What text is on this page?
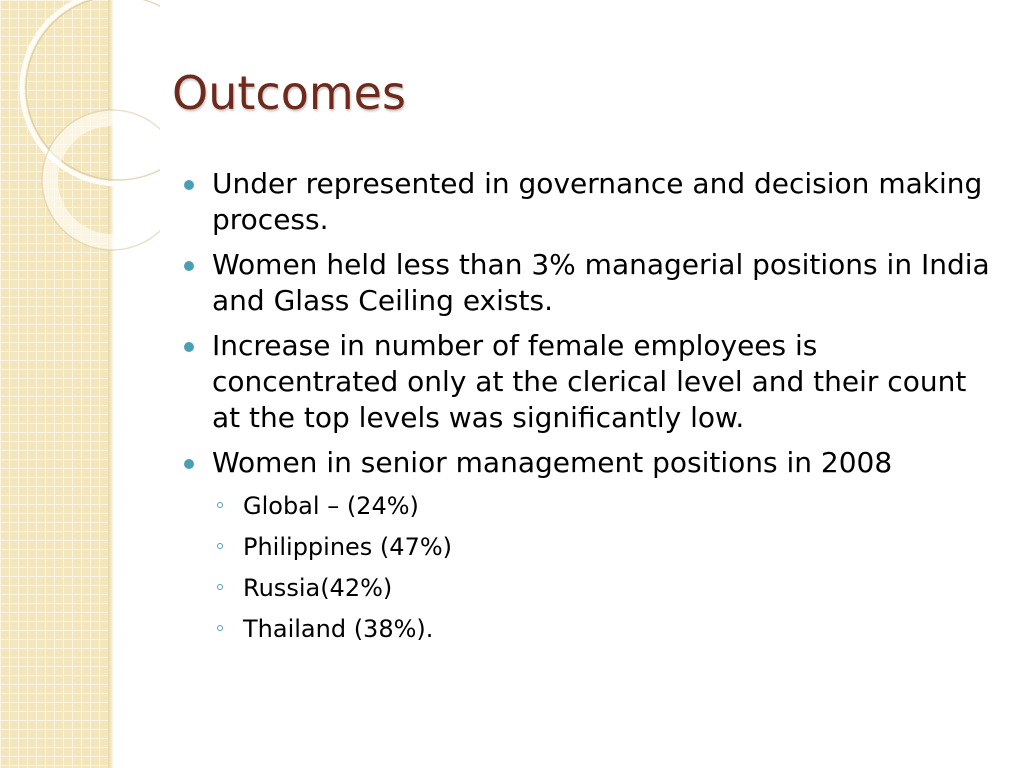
Outcomes
Under represented in governance and decision making process.
Women held less than 3% managerial positions in India and Glass Ceiling exists.
Increase in number of female employees is concentrated only at the clerical level and their count at the top levels was significantly low.
Women in senior management positions in 2008
Global – (24%)
Philippines (47%)
Russia(42%)
Thailand (38%).
